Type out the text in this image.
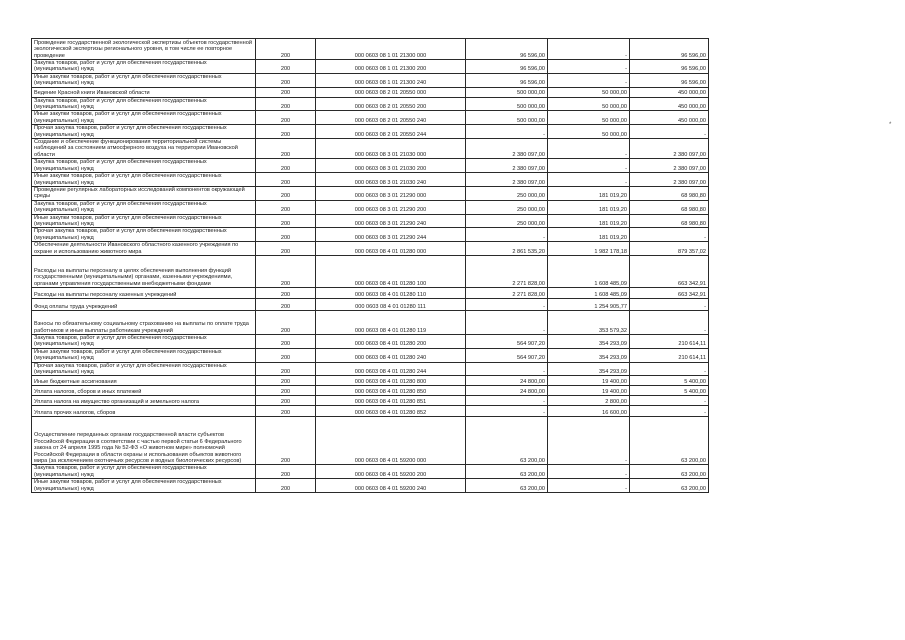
Проведение государственной экологической экспертизы объектов государственной экологической экспертизы регионального уровня, в том числе ее повторное проведение	200	000 0603 08 1 01 21300 000	96 596,00	-	96 596,00
Закупка товаров, работ и услуг для обеспечения государственных (муниципальных) нужд	200	000 0603 08 1 01 21300 200	96 596,00	-	96 596,00
Иные закупки товаров, работ и услуг для обеспечения государственных (муниципальных) нужд	200	000 0603 08 1 01 21300 240	96 596,00	-	96 596,00
Ведение Красной книги Ивановской области	200	000 0603 08 2 01 20550 000	500 000,00	50 000,00	450 000,00
Закупка товаров, работ и услуг для обеспечения государственных (муниципальных) нужд	200	000 0603 08 2 01 20550 200	500 000,00	50 000,00	450 000,00
Иные закупки товаров, работ и услуг для обеспечения государственных (муниципальных) нужд	200	000 0603 08 2 01 20550 240	500 000,00	50 000,00	450 000,00
Прочая закупка товаров, работ и услуг для обеспечения государственных (муниципальных) нужд	200	000 0603 08 2 01 20550 244	-	50 000,00	-
Создание и обеспечение функционирования территориальной системы наблюдений за состоянием атмосферного воздуха на территории Ивановской области	200	000 0603 08 3 01 21030 000	2 380 097,00	-	2 380 097,00
Закупка товаров, работ и услуг для обеспечения государственных (муниципальных) нужд	200	000 0603 08 3 01 21030 200	2 380 097,00	-	2 380 097,00
Иные закупки товаров, работ и услуг для обеспечения государственных (муниципальных) нужд	200	000 0603 08 3 01 21030 240	2 380 097,00	-	2 380 097,00
Проведение регулярных лабораторных исследований компонентов окружающей среды	200	000 0603 08 3 01 21290 000	250 000,00	181 019,20	68 980,80
Закупка товаров, работ и услуг для обеспечения государственных (муниципальных) нужд	200	000 0603 08 3 01 21290 200	250 000,00	181 019,20	68 980,80
Иные закупки товаров, работ и услуг для обеспечения государственных (муниципальных) нужд	200	000 0603 08 3 01 21290 240	250 000,00	181 019,20	68 980,80
Прочая закупка товаров, работ и услуг для обеспечения государственных (муниципальных) нужд	200	000 0603 08 3 01 21290 244	-	181 019,20	-
Обеспечение деятельности Ивановского областного казенного учреждения по охране и использованию животного мира	200	000 0603 08 4 01 01280 000	2 861 535,20	1 982 178,18	879 357,02
Расходы на выплаты персоналу в целях обеспечения выполнения функций государственными (муниципальными) органами, казенными учреждениями, органами управления государственными внебюджетными фондами	200	000 0603 08 4 01 01280 100	2 271 828,00	1 608 485,09	663 342,91
Расходы на выплаты персоналу казенных учреждений	200	000 0603 08 4 01 01280 110	2 271 828,00	1 608 485,09	663 342,91
Фонд оплаты труда учреждений	200	000 0603 08 4 01 01280 111	-	1 254 905,77	-
Взносы по обязательному социальному страхованию на выплаты по оплате труда работников и иные выплаты работникам учреждений	200	000 0603 08 4 01 01280 119	-	353 579,32	-
Закупка товаров, работ и услуг для обеспечения государственных (муниципальных) нужд	200	000 0603 08 4 01 01280 200	564 907,20	354 293,09	210 614,11
Иные закупки товаров, работ и услуг для обеспечения государственных (муниципальных) нужд	200	000 0603 08 4 01 01280 240	564 907,20	354 293,09	210 614,11
Прочая закупка товаров, работ и услуг для обеспечения государственных (муниципальных) нужд	200	000 0603 08 4 01 01280 244	-	354 293,09	-
Иные бюджетные ассигнования	200	000 0603 08 4 01 01280 800	24 800,00	19 400,00	5 400,00
Уплата налогов, сборов и иных платежей	200	000 0603 08 4 01 01280 850	24 800,00	19 400,00	5 400,00
Уплата налога на имущество организаций и земельного налога	200	000 0603 08 4 01 01280 851	-	2 800,00	-
Уплата прочих налогов, сборов	200	000 0603 08 4 01 01280 852	-	16 600,00	-
Осуществление переданных органам государственной власти субъектов Российской Федерации в соответствии с частью первой статьи 6 Федерального закона от 24 апреля 1995 года № 52-ФЗ «О животном мире» полномочий Российской Федерации в области охраны и использования объектов животного мира (за исключением охотничьих ресурсов и водных биологических ресурсов)	200	000 0603 08 4 01 59200 000	63 200,00	-	63 200,00
Закупка товаров, работ и услуг для обеспечения государственных (муниципальных) нужд	200	000 0603 08 4 01 59200 200	63 200,00	-	63 200,00
Иные закупки товаров, работ и услуг для обеспечения государственных (муниципальных) нужд	200	000 0603 08 4 01 59200 240	63 200,00	-	63 200,00
*
